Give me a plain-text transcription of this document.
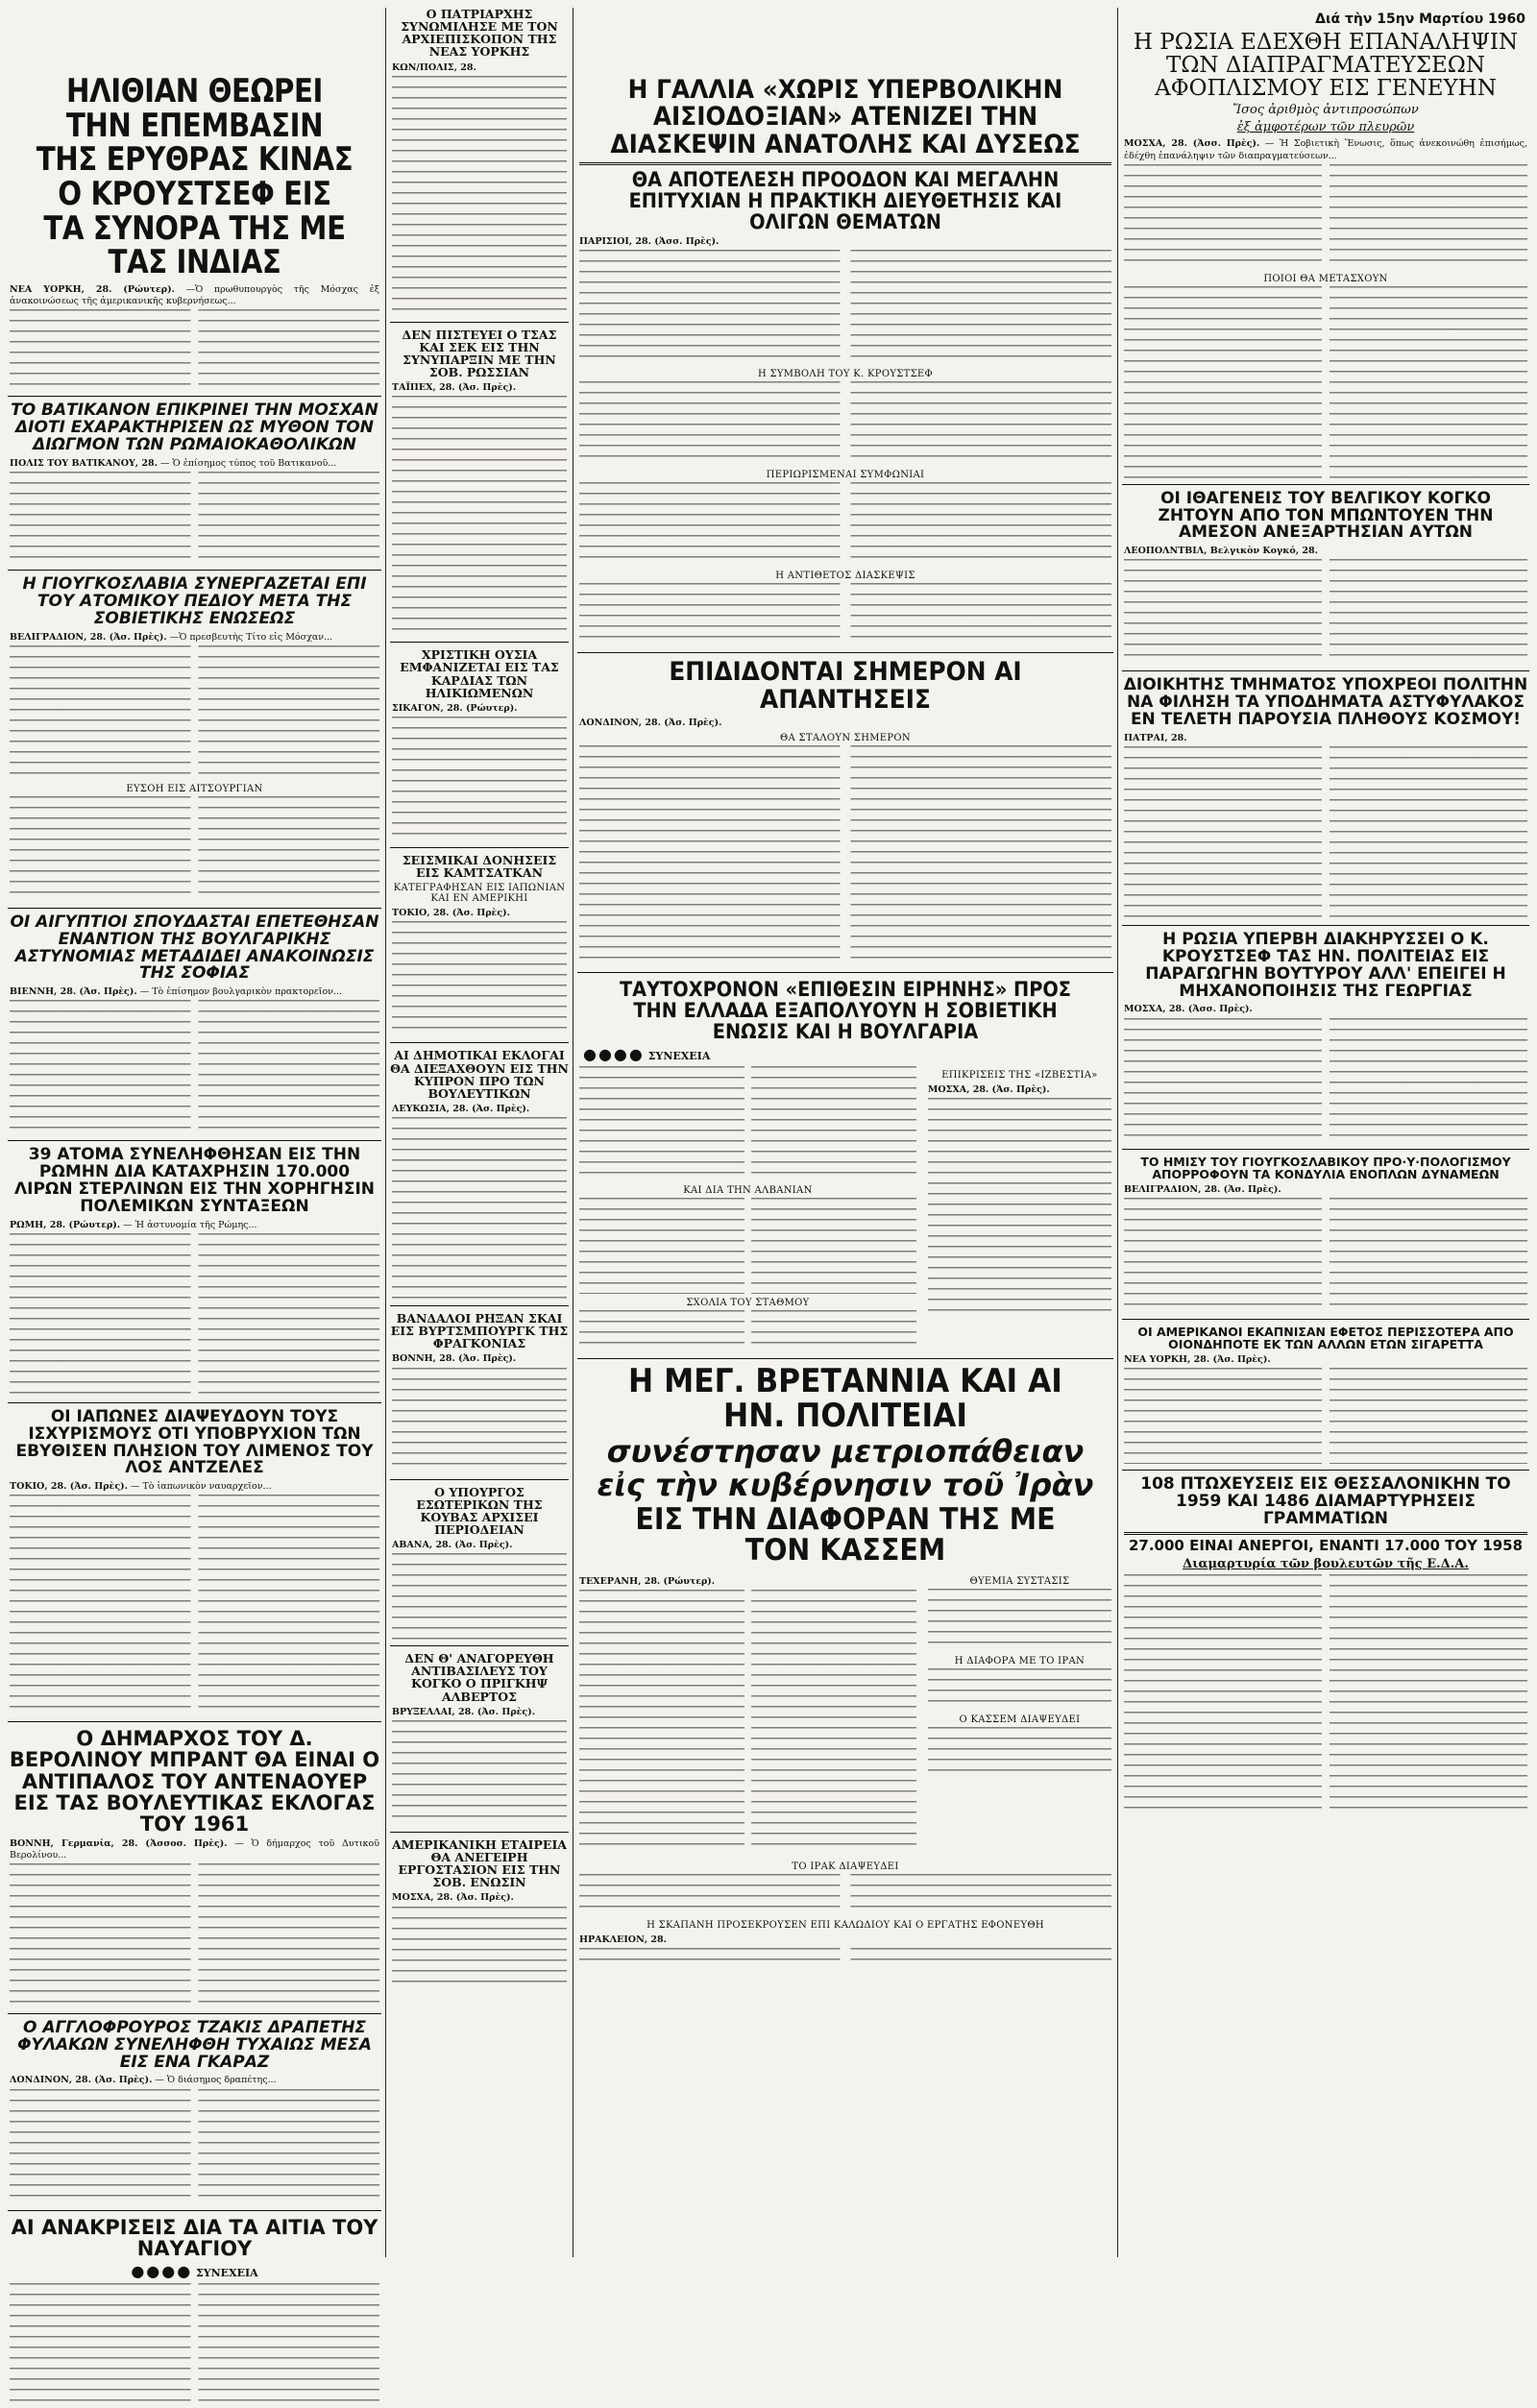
ΗΛΙΘΙΑΝ ΘΕΩΡΕΙ ΤΗΝ ΕΠΕΜΒΑΣΙΝ ΤΗΣ ΕΡΥΘΡΑΣ ΚΙΝΑΣ Ο ΚΡΟΥΣΤΣΕΦ ΕΙΣ ΤΑ ΣΥΝΟΡΑ ΤΗΣ ΜΕ ΤΑΣ ΙΝΔΙΑΣ

ΝΕΑ ΥΟΡΚΗ, 28. (Ρώυτερ). —Ὁ πρωθυπουργὸς τῆς Μόσχας ἐξ ἀνακοινώσεως τῆς ἀμερικανικῆς κυβερνήσεως...

ΤΟ ΒΑΤΙΚΑΝΟΝ ΕΠΙΚΡΙΝΕΙ ΤΗΝ ΜΟΣΧΑΝ ΔΙΟΤΙ ΕΧΑΡΑΚΤΗΡΙΣΕΝ ΩΣ ΜΥΘΟΝ ΤΟΝ ΔΙΩΓΜΟΝ ΤΩΝ ΡΩΜΑΙΟΚΑΘΟΛΙΚΩΝ

ΠΟΛΙΣ ΤΟΥ ΒΑΤΙΚΑΝΟΥ, 28. — Ὁ ἐπίσημος τύπος τοῦ Βατικανοῦ...

Η ΓΙΟΥΓΚΟΣΛΑΒΙΑ ΣΥΝΕΡΓΑΖΕΤΑΙ ΕΠΙ ΤΟΥ ΑΤΟΜΙΚΟΥ ΠΕΔΙΟΥ ΜΕΤΑ ΤΗΣ ΣΟΒΙΕΤΙΚΗΣ ΕΝΩΣΕΩΣ

ΒΕΛΙΓΡΑΔΙΟΝ, 28. (Ἀσ. Πρὲς). —Ὁ πρεσβευτὴς Τίτο εἰς Μόσχαν...

ΕΥΣΟΗ ΕΙΣ ΑΙΤΣΟΥΡΓΙΑΝ
ΟΙ ΑΙΓΥΠΤΙΟΙ ΣΠΟΥΔΑΣΤΑΙ ΕΠΕΤΕΘΗΣΑΝ ΕΝΑΝΤΙΟΝ ΤΗΣ ΒΟΥΛΓΑΡΙΚΗΣ ΑΣΤΥΝΟΜΙΑΣ ΜΕΤΑΔΙΔΕΙ ΑΝΑΚΟΙΝΩΣΙΣ ΤΗΣ ΣΟΦΙΑΣ

ΒΙΕΝΝΗ, 28. (Ἀσ. Πρὲς). — Τὸ ἐπίσημον βουλγαρικὸν πρακτορεῖον...

39 ΑΤΟΜΑ ΣΥΝΕΛΗΦΘΗΣΑΝ ΕΙΣ ΤΗΝ ΡΩΜΗΝ ΔΙΑ ΚΑΤΑΧΡΗΣΙΝ 170.000 ΛΙΡΩΝ ΣΤΕΡΛΙΝΩΝ ΕΙΣ ΤΗΝ ΧΟΡΗΓΗΣΙΝ ΠΟΛΕΜΙΚΩΝ ΣΥΝΤΑΞΕΩΝ

ΡΩΜΗ, 28. (Ρώυτερ). — Ἡ ἀστυνομία τῆς Ρώμης...

ΟΙ ΙΑΠΩΝΕΣ ΔΙΑΨΕΥΔΟΥΝ ΤΟΥΣ ΙΣΧΥΡΙΣΜΟΥΣ ΟΤΙ ΥΠΟΒΡΥΧΙΟΝ ΤΩΝ ΕΒΥΘΙΣΕΝ ΠΛΗΣΙΟΝ ΤΟΥ ΛΙΜΕΝΟΣ ΤΟΥ ΛΟΣ ΑΝΤΖΕΛΕΣ

ΤΟΚΙΟ, 28. (Ἀσ. Πρὲς). — Τὸ ἰαπωνικὸν ναυαρχεῖον...

Ο ΔΗΜΑΡΧΟΣ ΤΟΥ Δ. ΒΕΡΟΛΙΝΟΥ ΜΠΡΑΝΤ ΘΑ ΕΙΝΑΙ Ο ΑΝΤΙΠΑΛΟΣ ΤΟΥ ΑΝΤΕΝΑΟΥΕΡ ΕΙΣ ΤΑΣ ΒΟΥΛΕΥΤΙΚΑΣ ΕΚΛΟΓΑΣ ΤΟΥ 1961

ΒΟΝΝΗ, Γερμανία, 28. (Ἀσσοσ. Πρὲς). — Ὁ δήμαρχος τοῦ Δυτικοῦ Βερολίνου...

Ο ΑΓΓΛΟΦΡΟΥΡΟΣ ΤΖΑΚΙΣ ΔΡΑΠΕΤΗΣ ΦΥΛΑΚΩΝ ΣΥΝΕΛΗΦΘΗ ΤΥΧΑΙΩΣ ΜΕΣΑ ΕΙΣ ΕΝΑ ΓΚΑΡΑΖ

ΛΟΝΔΙΝΟΝ, 28. (Ἀσ. Πρὲς). — Ὁ διάσημος δραπέτης...

ΑΙ ΑΝΑΚΡΙΣΕΙΣ ΔΙΑ ΤΑ ΑΙΤΙΑ ΤΟΥ ΝΑΥΑΓΙΟΥ
●●●● ΣΥΝΕΧΕΙΑ
Ο ΠΑΤΡΙΑΡΧΗΣ ΣΥΝΩΜΙΛΗΣΕ ΜΕ ΤΟΝ ΑΡΧΙΕΠΙΣΚΟΠΟΝ ΤΗΣ ΝΕΑΣ ΥΟΡΚΗΣ

ΚΩΝ/ΠΟΛΙΣ, 28.

ΔΕΝ ΠΙΣΤΕΥΕΙ Ο ΤΣΑΣ ΚΑΙ ΣΕΚ ΕΙΣ ΤΗΝ ΣΥΝΥΠΑΡΞΙΝ ΜΕ ΤΗΝ ΣΟΒ. ΡΩΣΣΙΑΝ

ΤΑΪΠΕΧ, 28. (Ἀσ. Πρὲς).

ΧΡΙΣΤΙΚΗ ΟΥΣΙΑ ΕΜΦΑΝΙΖΕΤΑΙ ΕΙΣ ΤΑΣ ΚΑΡΔΙΑΣ ΤΩΝ ΗΛΙΚΙΩΜΕΝΩΝ

ΣΙΚΑΓΟΝ, 28. (Ρώυτερ).

ΣΕΙΣΜΙΚΑΙ ΔΟΝΗΣΕΙΣ ΕΙΣ ΚΑΜΤΣΑΤΚΑΝ
ΚΑΤΕΓΡΑΦΗΣΑΝ ΕΙΣ ΙΑΠΩΝΙΑΝ ΚΑΙ ΕΝ ΑΜΕΡΙΚΗΙ

ΤΟΚΙΟ, 28. (Ἀσ. Πρὲς).

ΑΙ ΔΗΜΟΤΙΚΑΙ ΕΚΛΟΓΑΙ ΘΑ ΔΙΕΞΑΧΘΟΥΝ ΕΙΣ ΤΗΝ ΚΥΠΡΟΝ ΠΡΟ ΤΩΝ ΒΟΥΛΕΥΤΙΚΩΝ

ΛΕΥΚΩΣΙΑ, 28. (Ἀσ. Πρὲς).

ΒΑΝΔΑΛΟΙ ΡΗΞΑΝ ΣΚΑΙ ΕΙΣ ΒΥΡΤΣΜΠΟΥΡΓΚ ΤΗΣ ΦΡΑΓΚΟΝΙΑΣ

ΒΟΝΝΗ, 28. (Ἀσ. Πρὲς).

Ο ΥΠΟΥΡΓΟΣ ΕΣΩΤΕΡΙΚΩΝ ΤΗΣ ΚΟΥΒΑΣ ΑΡΧΙΣΕΙ ΠΕΡΙΟΔΕΙΑΝ

ΑΒΑΝΑ, 28. (Ἀσ. Πρὲς).

ΔΕΝ Θ' ΑΝΑΓΟΡΕΥΘΗ ΑΝΤΙΒΑΣΙΛΕΥΣ ΤΟΥ ΚΟΓΚΟ Ο ΠΡΙΓΚΗΨ ΑΛΒΕΡΤΟΣ

ΒΡΥΞΕΛΛΑΙ, 28. (Ἀσ. Πρὲς).

ΑΜΕΡΙΚΑΝΙΚΗ ΕΤΑΙΡΕΙΑ ΘΑ ΑΝΕΓΕΙΡΗ ΕΡΓΟΣΤΑΣΙΟΝ ΕΙΣ ΤΗΝ ΣΟΒ. ΕΝΩΣΙΝ

ΜΟΣΧΑ, 28. (Ἀσ. Πρὲς).

Η ΓΑΛΛΙΑ «ΧΩΡΙΣ ΥΠΕΡΒΟΛΙΚΗΝ ΑΙΣΙΟΔΟΞΙΑΝ» ΑΤΕΝΙΖΕΙ ΤΗΝ ΔΙΑΣΚΕΨΙΝ ΑΝΑΤΟΛΗΣ ΚΑΙ ΔΥΣΕΩΣ
ΘΑ ΑΠΟΤΕΛΕΣΗ ΠΡΟΟΔΟΝ ΚΑΙ ΜΕΓΑΛΗΝ ΕΠΙΤΥΧΙΑΝ Η ΠΡΑΚΤΙΚΗ ΔΙΕΥΘΕΤΗΣΙΣ ΚΑΙ ΟΛΙΓΩΝ ΘΕΜΑΤΩΝ

ΠΑΡΙΣΙΟΙ, 28. (Ἀσσ. Πρὲς).

Η ΣΥΜΒΟΛΗ ΤΟΥ Κ. ΚΡΟΥΣΤΣΕΦ
ΠΕΡΙΩΡΙΣΜΕΝΑΙ ΣΥΜΦΩΝΙΑΙ
Η ΑΝΤΙΘΕΤΟΣ ΔΙΑΣΚΕΨΙΣ
ΕΠΙΔΙΔΟΝΤΑΙ ΣΗΜΕΡΟΝ ΑΙ ΑΠΑΝΤΗΣΕΙΣ

ΛΟΝΔΙΝΟΝ, 28. (Ἀσ. Πρὲς).

ΘΑ ΣΤΑΛΟΥΝ ΣΗΜΕΡΟΝ
ΤΑΥΤΟΧΡΟΝΟΝ «ΕΠΙΘΕΣΙΝ ΕΙΡΗΝΗΣ» ΠΡΟΣ ΤΗΝ ΕΛΛΑΔΑ ΕΞΑΠΟΛΥΟΥΝ Η ΣΟΒΙΕΤΙΚΗ ΕΝΩΣΙΣ ΚΑΙ Η ΒΟΥΛΓΑΡΙΑ
●●●● ΣΥΝΕΧΕΙΑ
ΚΑΙ ΔΙΑ ΤΗΝ ΑΛΒΑΝΙΑΝ
ΣΧΟΛΙΑ ΤΟΥ ΣΤΑΘΜΟΥ
ΕΠΙΚΡΙΣΕΙΣ ΤΗΣ «ΙΖΒΕΣΤΙΑ»

ΜΟΣΧΑ, 28. (Ἀσ. Πρὲς).

Η ΜΕΓ. ΒΡΕΤΑΝΝΙΑ ΚΑΙ ΑΙ ΗΝ. ΠΟΛΙΤΕΙΑΙ
συνέστησαν μετριοπάθειαν
εἰς τὴν κυβέρνησιν τοῦ Ἰρὰν
ΕΙΣ ΤΗΝ ΔΙΑΦΟΡΑΝ ΤΗΣ ΜΕ ΤΟΝ ΚΑΣΣΕΜ

ΤΕΧΕΡΑΝΗ, 28. (Ρώυτερ).	ΘΥΕΜΙΑ ΣΥΣΤΑΣΙΣ
Η ΔΙΑΦΟΡΑ ΜΕ ΤΟ ΙΡΑΝ
Ο ΚΑΣΣΕΜ ΔΙΑΨΕΥΔΕΙ
ΤΟ ΙΡΑΚ ΔΙΑΨΕΥΔΕΙ
Η ΣΚΑΠΑΝΗ ΠΡΟΣΕΚΡΟΥΣΕΝ ΕΠΙ ΚΑΛΩΔΙΟΥ ΚΑΙ Ο ΕΡΓΑΤΗΣ ΕΦΟΝΕΥΘΗ

ΗΡΑΚΛΕΙΟΝ, 28.

Διά τὴν 15ην Μαρτίου 1960
Η ΡΩΣΙΑ ΕΔΕΧΘΗ ΕΠΑΝΑΛΗΨΙΝ ΤΩΝ ΔΙΑΠΡΑΓΜΑΤΕΥΣΕΩΝ ΑΦΟΠΛΙΣΜΟΥ ΕΙΣ ΓΕΝΕΥΗΝ
Ἴσος ἀριθμὸς ἀντιπροσώπων
ἐξ ἀμφοτέρων τῶν πλευρῶν

ΜΟΣΧΑ, 28. (Ἀσσ. Πρὲς). — Ἡ Σοβιετικὴ Ἕνωσις, ὅπως ἀνεκοινώθη ἐπισήμως, ἐδέχθη ἐπανάληψιν τῶν διαπραγματεύσεων...

ΠΟΙΟΙ ΘΑ ΜΕΤΑΣΧΟΥΝ
ΟΙ ΙΘΑΓΕΝΕΙΣ ΤΟΥ ΒΕΛΓΙΚΟΥ ΚΟΓΚΟ ΖΗΤΟΥΝ ΑΠΟ ΤΟΝ ΜΠΩΝΤΟΥΕΝ ΤΗΝ ΑΜΕΣΟΝ ΑΝΕΞΑΡΤΗΣΙΑΝ ΑΥΤΩΝ

ΛΕΟΠΟΛΝΤΒΙΛ, Βελγικὸν Κογκό, 28.

ΔΙΟΙΚΗΤΗΣ ΤΜΗΜΑΤΟΣ ΥΠΟΧΡΕΟΙ ΠΟΛΙΤΗΝ ΝΑ ΦΙΛΗΣΗ ΤΑ ΥΠΟΔΗΜΑΤΑ ΑΣΤΥΦΥΛΑΚΟΣ ΕΝ ΤΕΛΕΤΗ ΠΑΡΟΥΣΙΑ ΠΛΗΘΟΥΣ ΚΟΣΜΟΥ!

ΠΑΤΡΑΙ, 28.

Η ΡΩΣΙΑ ΥΠΕΡΒΗ ΔΙΑΚΗΡΥΣΣΕΙ Ο Κ. ΚΡΟΥΣΤΣΕΦ ΤΑΣ ΗΝ. ΠΟΛΙΤΕΙΑΣ ΕΙΣ ΠΑΡΑΓΩΓΗΝ ΒΟΥΤΥΡΟΥ ΑΛΛ' ΕΠΕΙΓΕΙ Η ΜΗΧΑΝΟΠΟΙΗΣΙΣ ΤΗΣ ΓΕΩΡΓΙΑΣ

ΜΟΣΧΑ, 28. (Ἀσσ. Πρὲς).

ΤΟ ΗΜΙΣΥ ΤΟΥ ΓΙΟΥΓΚΟΣΛΑΒΙΚΟΥ ΠΡΟ·Υ·ΠΟΛΟΓΙΣΜΟΥ ΑΠΟΡΡΟΦΟΥΝ ΤΑ ΚΟΝΔΥΛΙΑ ΕΝΟΠΛΩΝ ΔΥΝΑΜΕΩΝ

ΒΕΛΙΓΡΑΔΙΟΝ, 28. (Ἀσ. Πρὲς).

ΟΙ ΑΜΕΡΙΚΑΝΟΙ ΕΚΑΠΝΙΣΑΝ ΕΦΕΤΟΣ ΠΕΡΙΣΣΟΤΕΡΑ ΑΠΟ ΟΙΟΝΔΗΠΟΤΕ ΕΚ ΤΩΝ ΑΛΛΩΝ ΕΤΩΝ ΣΙΓΑΡΕΤΤΑ

ΝΕΑ ΥΟΡΚΗ, 28. (Ἀσ. Πρὲς).

108 ΠΤΩΧΕΥΣΕΙΣ ΕΙΣ ΘΕΣΣΑΛΟΝΙΚΗΝ ΤΟ 1959 ΚΑΙ 1486 ΔΙΑΜΑΡΤΥΡΗΣΕΙΣ ΓΡΑΜΜΑΤΙΩΝ
27.000 ΕΙΝΑΙ ΑΝΕΡΓΟΙ, ΕΝΑΝΤΙ 17.000 ΤΟΥ 1958
Διαμαρτυρία τῶν βουλευτῶν τῆς Ε.Δ.Α.
